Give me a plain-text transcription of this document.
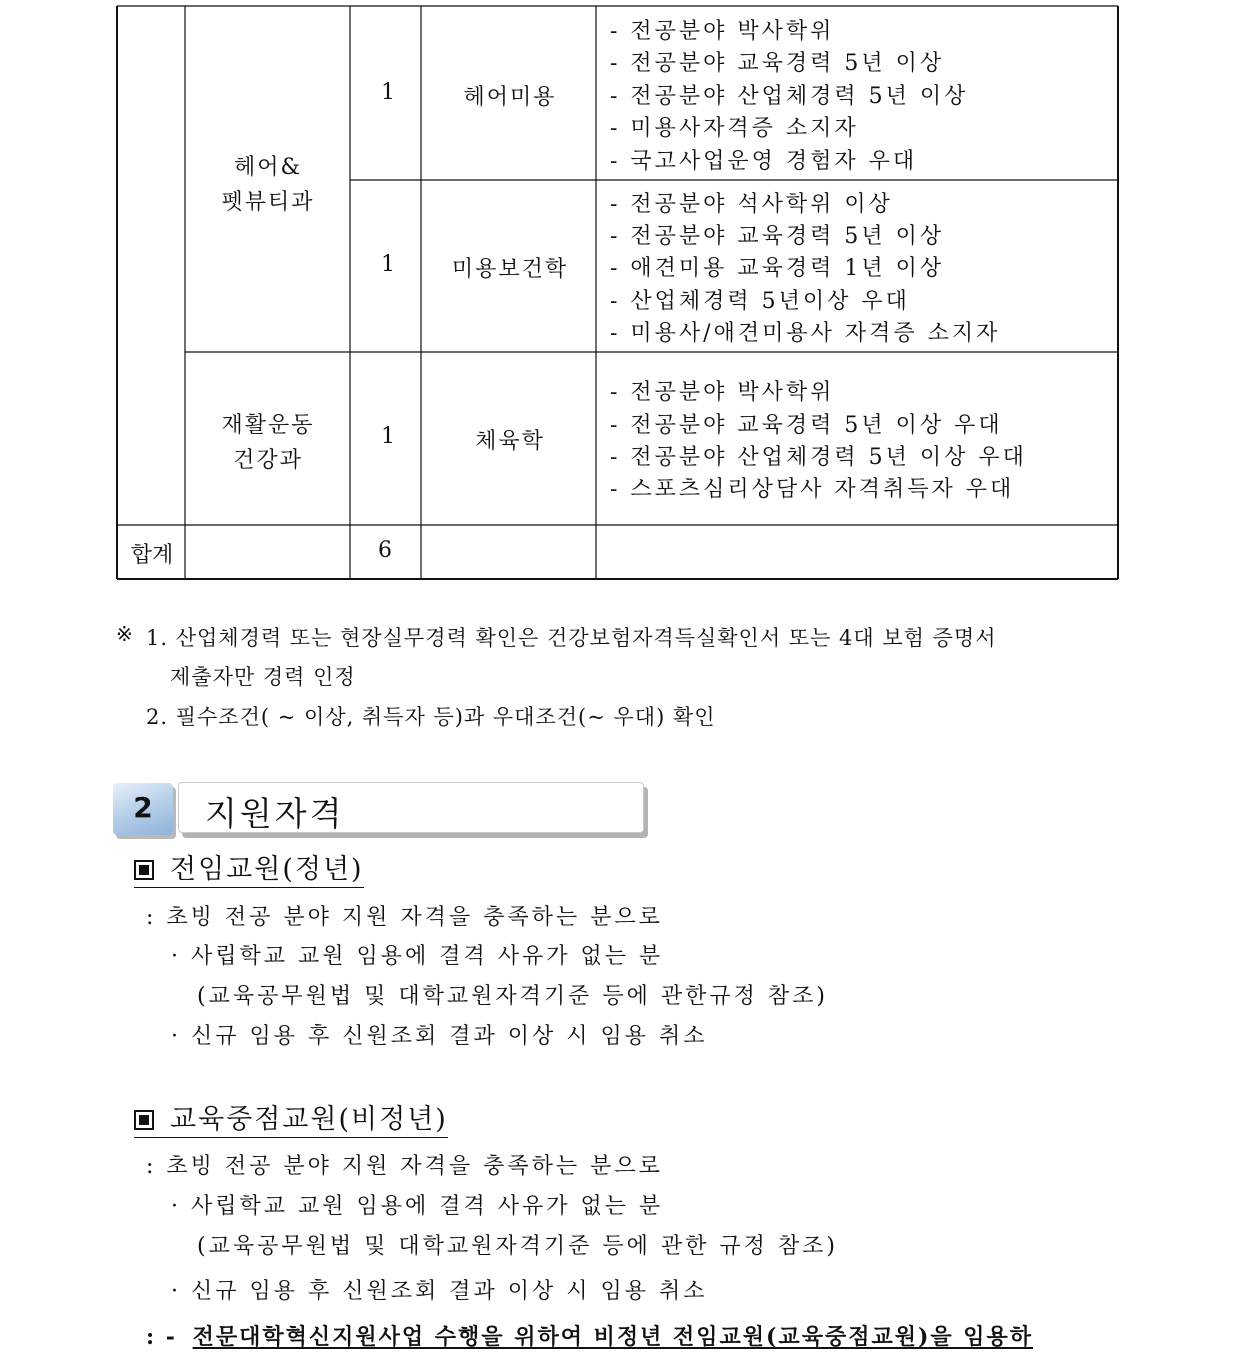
헤어&
펫뷰티과
1	헤어미용
- 전공분야 박사학위
- 전공분야 교육경력 5년 이상
- 전공분야 산업체경력 5년 이상
- 미용사자격증 소지자
- 국고사업운영 경험자 우대
1 미용보건학
- 전공분야 석사학위 이상
- 전공분야 교육경력 5년 이상
- 애견미용 교육경력 1년 이상
- 산업체경력 5년이상 우대
- 미용사/애견미용사 자격증 소지자
재활운동
건강과
1	체육학
- 전공분야 박사학위
- 전공분야 교육경력 5년 이상 우대
- 전공분야 산업체경력 5년 이상 우대
- 스포츠심리상담사 자격취득자 우대
합계	6
※ 1. 산업체경력 또는 현장실무경력 확인은 건강보험자격득실확인서 또는 4대 보험 증명서
제출자만 경력 인정
2. 필수조건( ~ 이상, 취득자 등)과 우대조건(~ 우대) 확인
2	지원자격
전임교원(정년)
: 초빙 전공 분야 지원 자격을 충족하는 분으로
· 사립학교 교원 임용에 결격 사유가 없는 분
(교육공무원법 및 대학교원자격기준 등에 관한규정 참조)
· 신규 임용 후 신원조회 결과 이상 시 임용 취소
교육중점교원(비정년)
: 초빙 전공 분야 지원 자격을 충족하는 분으로
· 사립학교 교원 임용에 결격 사유가 없는 분
(교육공무원법 및 대학교원자격기준 등에 관한 규정 참조)
· 신규 임용 후 신원조회 결과 이상 시 임용 취소
: - 전문대학혁신지원사업 수행을 위하여 비정년 전임교원(교육중점교원)을 임용하
